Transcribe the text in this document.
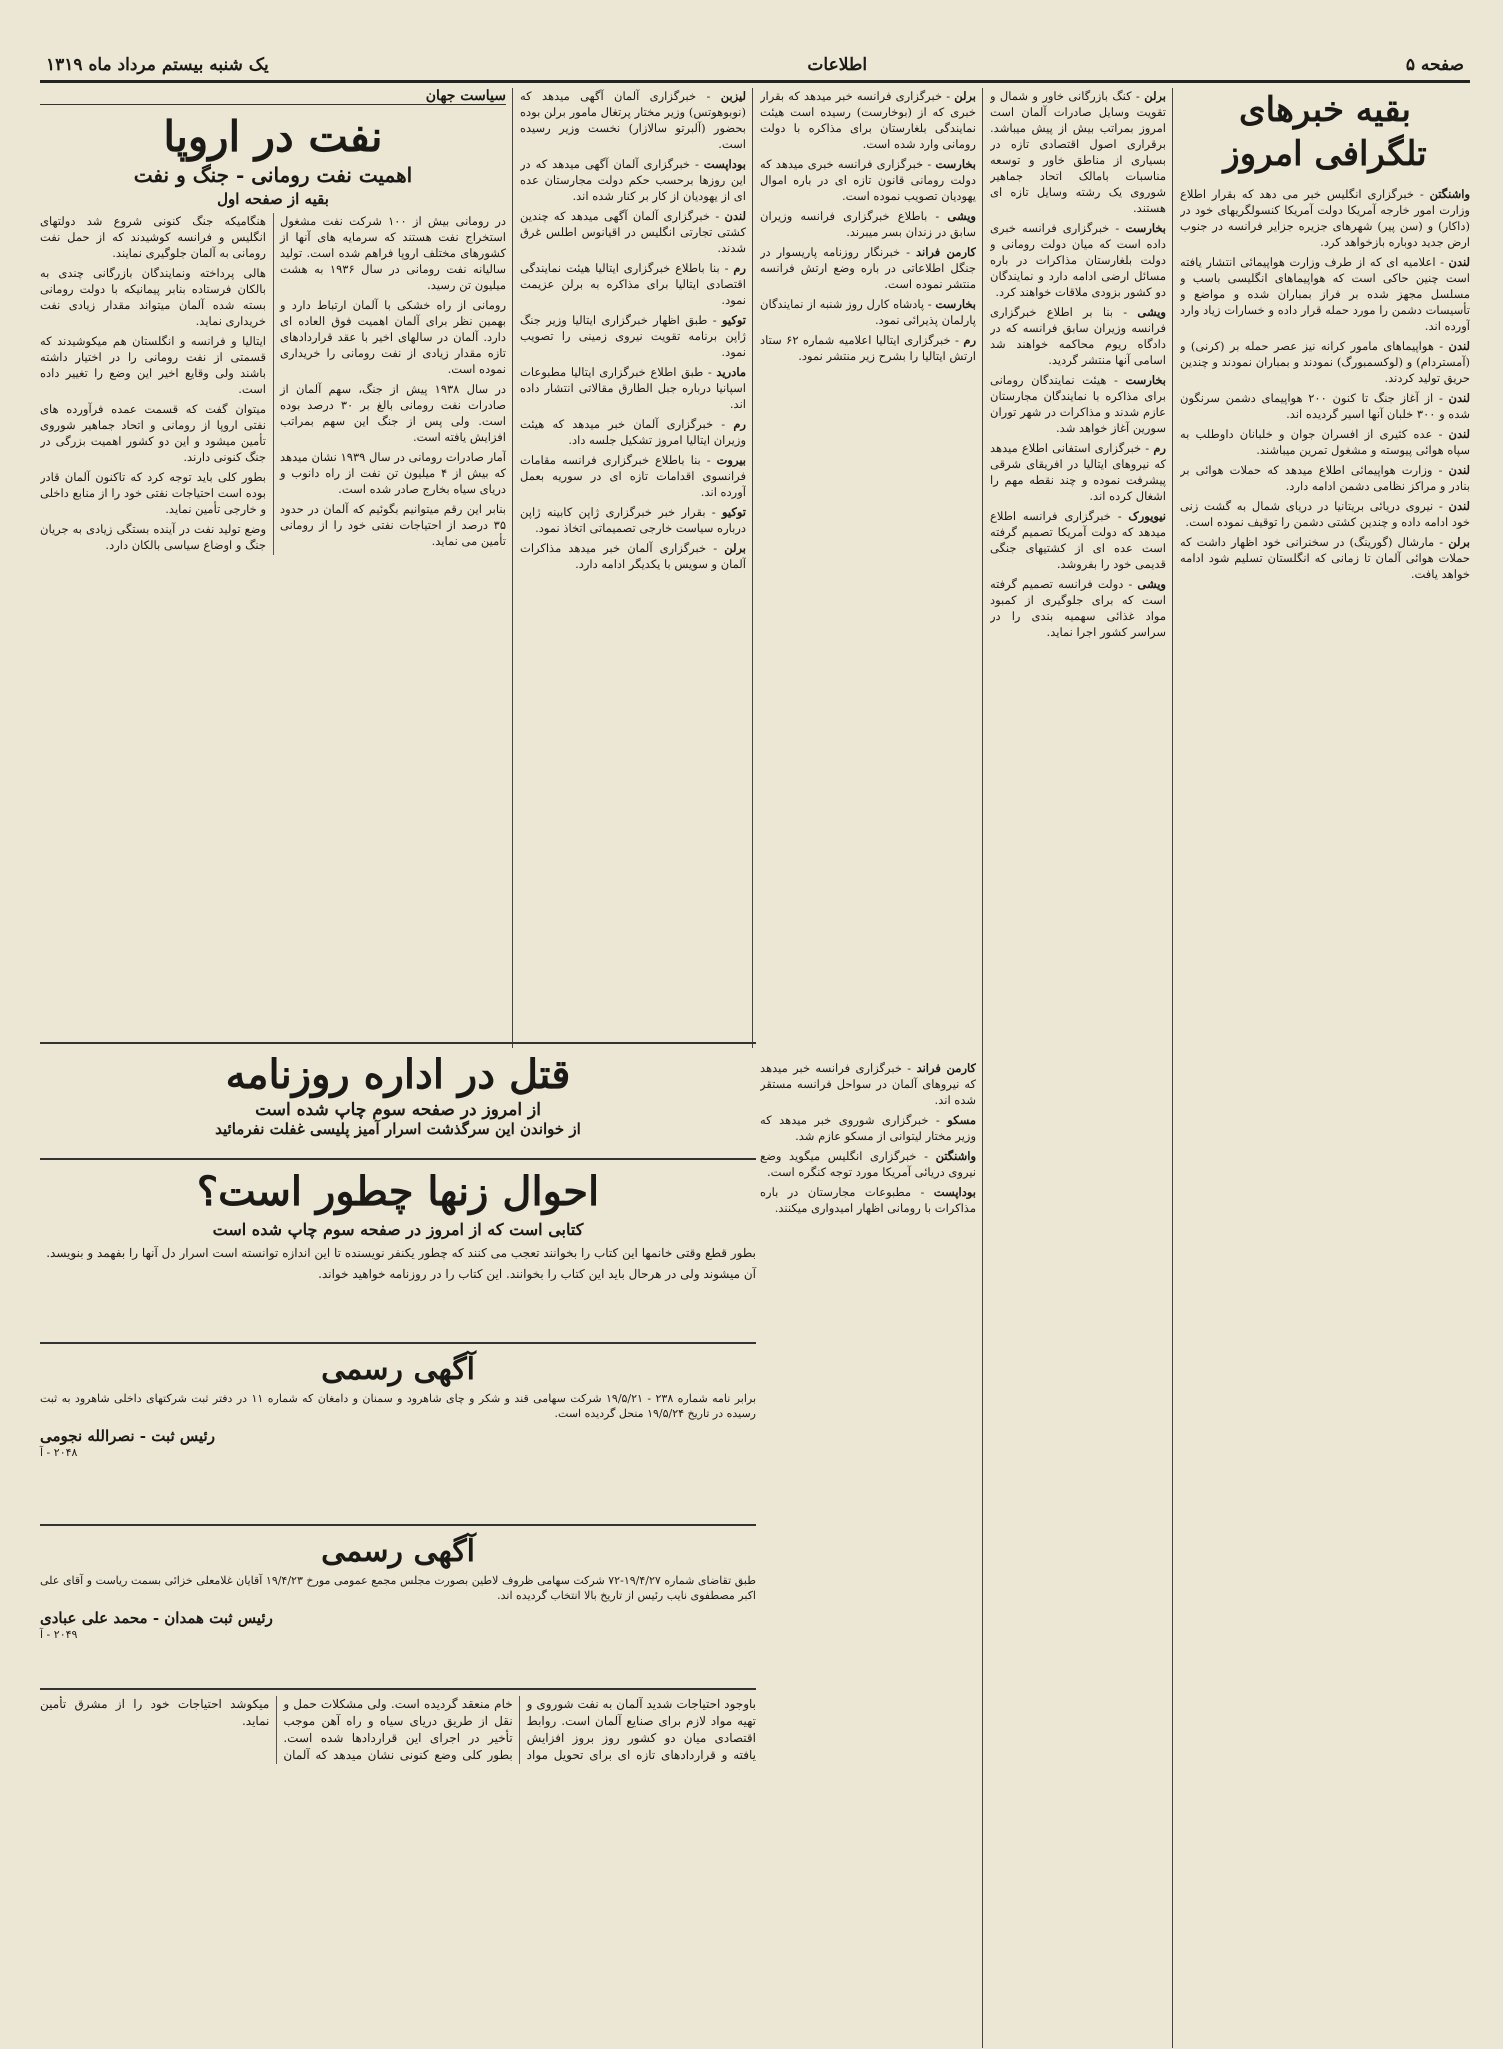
صفحه ۵
اطلاعات
یک شنبه بیستم مرداد ماه ۱۳۱۹
بقیه خبرهای تلگرافی امروز

واشنگتن - خبرگزاری انگلیس خبر می دهد که بقرار اطلاع وزارت امور خارجه آمریکا دولت آمریکا کنسولگریهای خود در (داکار) و (سن پیر) شهرهای جزیره جزایر فرانسه در جنوب ارض جدید دوباره بازخواهد کرد.

لندن - اعلامیه ای که از طرف وزارت هواپیمائی انتشار یافته است چنین حاکی است که هواپیماهای انگلیسی باسب و مسلسل مجهز شده بر فراز بمباران شده و مواضع و تأسیسات دشمن را مورد حمله قرار داده و خسارات زیاد وارد آورده اند.

لندن - هواپیماهای مامور کرانه نیز عصر حمله بر (کرنی) و (آمستردام) و (لوکسمبورگ) نمودند و بمباران نمودند و چندین حریق تولید کردند.

لندن - از آغاز جنگ تا کنون ۲۰۰ هواپیمای دشمن سرنگون شده و ۳۰۰ خلبان آنها اسیر گردیده اند.

لندن - عده کثیری از افسران جوان و خلبانان داوطلب به سپاه هوائی پیوسته و مشغول تمرین میباشند.

لندن - وزارت هواپیمائی اطلاع میدهد که حملات هوائی بر بنادر و مراکز نظامی دشمن ادامه دارد.

لندن - نیروی دریائی بریتانیا در دریای شمال به گشت زنی خود ادامه داده و چندین کشتی دشمن را توقیف نموده است.

برلن - مارشال (گورینگ) در سخنرانی خود اظهار داشت که حملات هوائی آلمان تا زمانی که انگلستان تسلیم شود ادامه خواهد یافت.

برلن - کنگ بازرگانی خاور و شمال و تقویت وسایل صادرات آلمان است امروز بمراتب بیش از پیش میباشد. برقراری اصول اقتصادی تازه در بسیاری از مناطق خاور و توسعه مناسبات بامالک اتحاد جماهیر شوروی یک رشته وسایل تازه ای هستند.

بخارست - خبرگزاری فرانسه خبری داده است که میان دولت رومانی و دولت بلغارستان مذاکرات در باره مسائل ارضی ادامه دارد و نمایندگان دو کشور بزودی ملاقات خواهند کرد.

ویشی - بنا بر اطلاع خبرگزاری فرانسه وزیران سابق فرانسه که در دادگاه ریوم محاکمه خواهند شد اسامی آنها منتشر گردید.

بخارست - هیئت نمایندگان رومانی برای مذاکره با نمایندگان مجارستان عازم شدند و مذاکرات در شهر توران سورین آغاز خواهد شد.

رم - خبرگزاری استفانی اطلاع میدهد که نیروهای ایتالیا در افریقای شرقی پیشرفت نموده و چند نقطه مهم را اشغال کرده اند.

نیویورک - خبرگزاری فرانسه اطلاع میدهد که دولت آمریکا تصمیم گرفته است عده ای از کشتیهای جنگی قدیمی خود را بفروشد.

ویشی - دولت فرانسه تصمیم گرفته است که برای جلوگیری از کمبود مواد غذائی سهمیه بندی را در سراسر کشور اجرا نماید.

برلن - خبرگزاری فرانسه خبر میدهد که بقرار خبری که از (بوخارست) رسیده است هیئت نمایندگی بلغارستان برای مذاکره با دولت رومانی وارد شده است.

بخارست - خبرگزاری فرانسه خبری میدهد که دولت رومانی قانون تازه ای در باره اموال یهودیان تصویب نموده است.

ویشی - باطلاع خبرگزاری فرانسه وزیران سابق در زندان بسر میبرند.

کارمن فراند - خبرنگار روزنامه پاریسوار در جنگل اطلاعاتی در باره وضع ارتش فرانسه منتشر نموده است.

بخارست - پادشاه کارل روز شنبه از نمایندگان پارلمان پذیرائی نمود.

رم - خبرگزاری ایتالیا اعلامیه شماره ۶۲ ستاد ارتش ایتالیا را بشرح زیر منتشر نمود.

لیزبن - خبرگزاری آلمان آگهی میدهد که (نوبوهوتس) وزیر مختار پرتغال مامور برلن بوده بحضور (آلبرتو سالازار) نخست وزیر رسیده است.

بوداپست - خبرگزاری آلمان آگهی میدهد که در این روزها برحسب حکم دولت مجارستان عده ای از یهودیان از کار بر کنار شده اند.

لندن - خبرگزاری آلمان آگهی میدهد که چندین کشتی تجارتی انگلیس در اقیانوس اطلس غرق شدند.

رم - بنا باطلاع خبرگزاری ایتالیا هیئت نمایندگی اقتصادی ایتالیا برای مذاکره به برلن عزیمت نمود.

توکیو - طبق اظهار خبرگزاری ایتالیا وزیر جنگ ژاپن برنامه تقویت نیروی زمینی را تصویب نمود.

مادرید - طبق اطلاع خبرگزاری ایتالیا مطبوعات اسپانیا درباره جبل الطارق مقالاتی انتشار داده اند.

رم - خبرگزاری آلمان خبر میدهد که هیئت وزیران ایتالیا امروز تشکیل جلسه داد.

بیروت - بنا باطلاع خبرگزاری فرانسه مقامات فرانسوی اقدامات تازه ای در سوریه بعمل آورده اند.

توکیو - بقرار خبر خبرگزاری ژاپن کابینه ژاپن درباره سیاست خارجی تصمیماتی اتخاذ نمود.

برلن - خبرگزاری آلمان خبر میدهد مذاکرات آلمان و سویس با یکدیگر ادامه دارد.

سیاست جهان
نفت در اروپا
اهمیت نفت رومانی - جنگ و نفت
بقیه از صفحه اول

در رومانی بیش از ۱۰۰ شرکت نفت مشغول استخراج نفت هستند که سرمایه های آنها از کشورهای مختلف اروپا فراهم شده است. تولید سالیانه نفت رومانی در سال ۱۹۳۶ به هشت میلیون تن رسید.

رومانی از راه خشکی با آلمان ارتباط دارد و بهمین نظر برای آلمان اهمیت فوق العاده ای دارد. آلمان در سالهای اخیر با عقد قراردادهای تازه مقدار زیادی از نفت رومانی را خریداری نموده است.

در سال ۱۹۳۸ پیش از جنگ، سهم آلمان از صادرات نفت رومانی بالغ بر ۳۰ درصد بوده است. ولی پس از جنگ این سهم بمراتب افزایش یافته است.

آمار صادرات رومانی در سال ۱۹۳۹ نشان میدهد که بیش از ۴ میلیون تن نفت از راه دانوب و دریای سیاه بخارج صادر شده است.

بنابر این رقم میتوانیم بگوئیم که آلمان در حدود ۳۵ درصد از احتیاجات نفتی خود را از رومانی تأمین می نماید.

هنگامیکه جنگ کنونی شروع شد دولتهای انگلیس و فرانسه کوشیدند که از حمل نفت رومانی به آلمان جلوگیری نمایند.

هالی پرداخته ونمایندگان بازرگانی چندی به بالکان فرستاده بنابر پیمانیکه با دولت رومانی بسته شده آلمان میتواند مقدار زیادی نفت خریداری نماید.

ایتالیا و فرانسه و انگلستان هم میکوشیدند که قسمتی از نفت رومانی را در اختیار داشته باشند ولی وقایع اخیر این وضع را تغییر داده است.

میتوان گفت که قسمت عمده فرآورده های نفتی اروپا از رومانی و اتحاد جماهیر شوروی تأمین میشود و این دو کشور اهمیت بزرگی در جنگ کنونی دارند.

بطور کلی باید توجه کرد که تاکنون آلمان قادر بوده است احتیاجات نفتی خود را از منابع داخلی و خارجی تأمین نماید.

وضع تولید نفت در آینده بستگی زیادی به جریان جنگ و اوضاع سیاسی بالکان دارد.

قتل در اداره روزنامه
از امروز در صفحه سوم چاپ شده است
از خواندن این سرگذشت اسرار آمیز پلیسی غفلت نفرمائید
احوال زنها چطور است؟
کتابی است که از امروز در صفحه سوم چاپ شده است

بطور قطع وقتی خانمها این کتاب را بخوانند تعجب می کنند که چطور یکنفر نویسنده تا این اندازه توانسته است اسرار دل آنها را بفهمد و بنویسد.

آن میشوند ولی در هرحال باید این کتاب را بخوانند. این کتاب را در روزنامه خواهید خواند.

آگهی رسمی
برابر نامه شماره ۲۳۸ - ۱۹/۵/۲۱ شرکت سهامی قند و شکر و چای شاهرود و سمنان و دامغان که شماره ۱۱ در دفتر ثبت شرکتهای داخلی شاهرود به ثبت رسیده در تاریخ ۱۹/۵/۲۴ منحل گردیده است.
رئیس ثبت - نصرالله نجومی
۲۰۴۸ - آ
آگهی رسمی
طبق تقاضای شماره ۱۹/۴/۲۷-۷۲ شرکت سهامی ظروف لاطین بصورت مجلس مجمع عمومی مورخ ۱۹/۴/۲۳ آقایان غلامعلی خزائی بسمت ریاست و آقای علی اکبر مصطفوی نایب رئیس از تاریخ بالا انتخاب گردیده اند.
رئیس ثبت همدان - محمد علی عبادی
۲۰۴۹ - آ
باوجود احتیاجات شدید آلمان به نفت شوروی و تهیه مواد لازم برای صنایع آلمان است. روابط اقتصادی میان دو کشور روز بروز افزایش یافته و قراردادهای تازه ای برای تحویل مواد خام منعقد گردیده است. ولی مشکلات حمل و نقل از طریق دریای سیاه و راه آهن موجب تأخیر در اجرای این قراردادها شده است. بطور کلی وضع کنونی نشان میدهد که آلمان میکوشد احتیاجات خود را از مشرق تأمین نماید.

کارمن فراند - خبرگزاری فرانسه خبر میدهد که نیروهای آلمان در سواحل فرانسه مستقر شده اند.

مسکو - خبرگزاری شوروی خبر میدهد که وزیر مختار لیتوانی از مسکو عازم شد.

واشنگتن - خبرگزاری انگلیس میگوید وضع نیروی دریائی آمریکا مورد توجه کنگره است.

بوداپست - مطبوعات مجارستان در باره مذاکرات با رومانی اظهار امیدواری میکنند.
